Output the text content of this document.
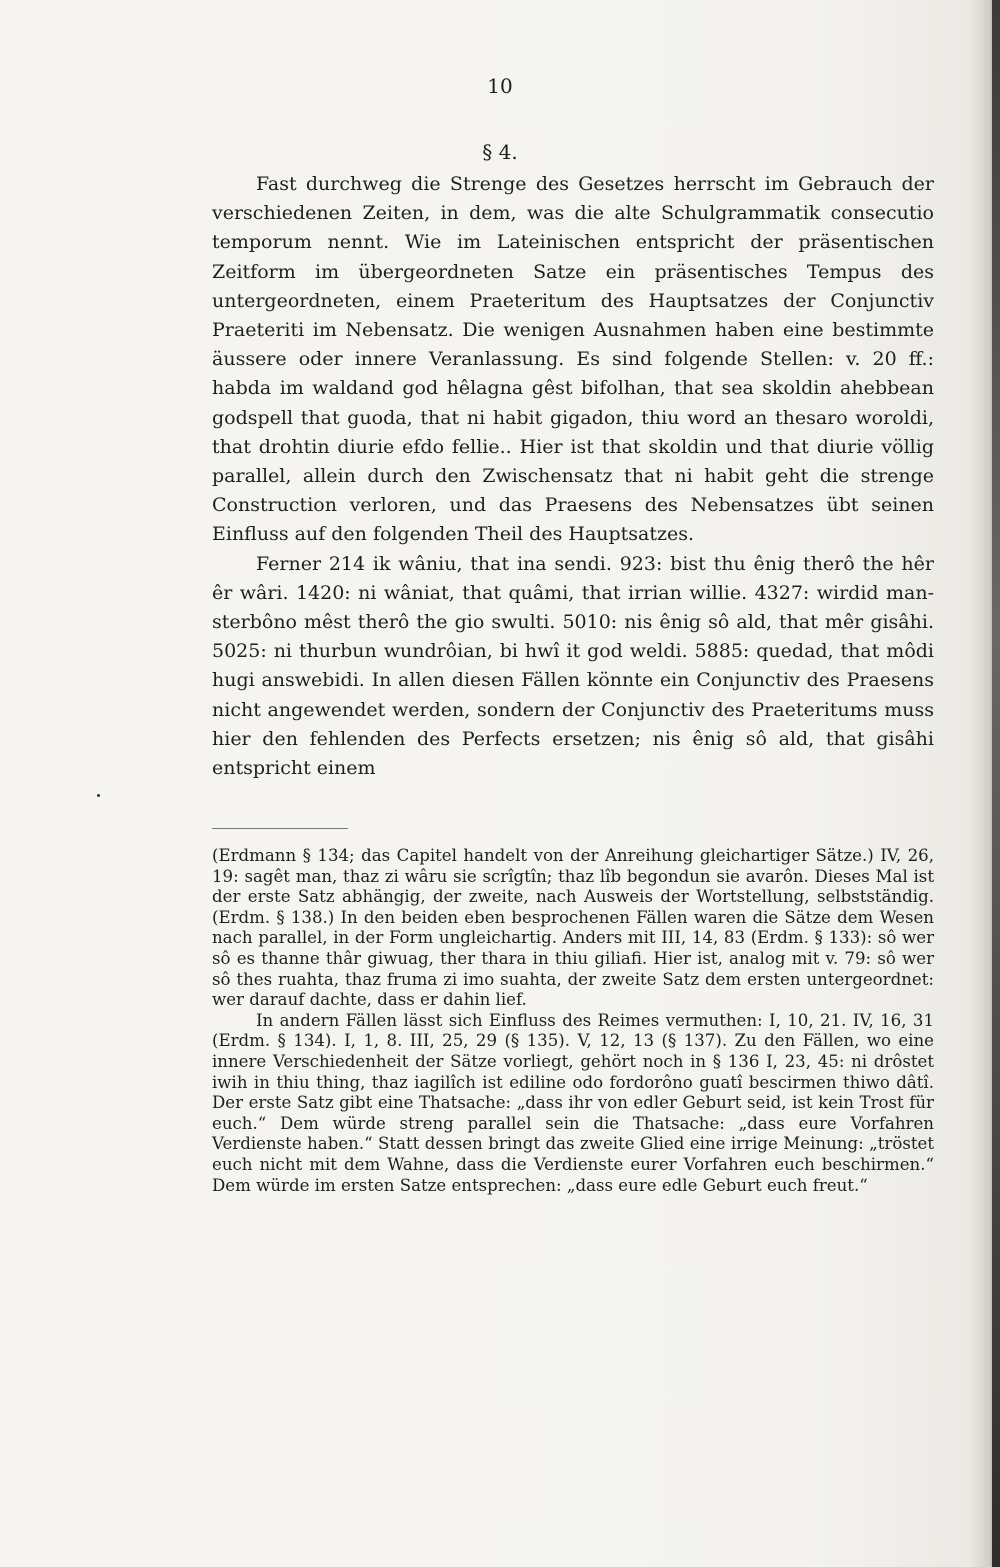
10
§ 4.

Fast durchweg die Strenge des Gesetzes herrscht im Gebrauch der verschiedenen Zeiten, in dem, was die alte Schulgrammatik consecutio temporum nennt. Wie im Lateinischen entspricht der präsentischen Zeitform im übergeordneten Satze ein präsentisches Tempus des untergeordneten, einem Praeteritum des Hauptsatzes der Conjunctiv Praeteriti im Nebensatz. Die wenigen Ausnahmen haben eine bestimmte äussere oder innere Veranlassung. Es sind folgende Stellen: v. 20 ff.: habda im waldand god hêlagna gêst bifolhan, that sea skoldin ahebbean godspell that guoda, that ni habit gigadon, thiu word an thesaro woroldi, that drohtin diurie efdo fellie.. Hier ist that skoldin und that diurie völlig parallel, allein durch den Zwischensatz that ni habit geht die strenge Construction verloren, und das Praesens des Nebensatzes übt seinen Einfluss auf den folgenden Theil des Hauptsatzes.

Ferner 214 ik wâniu, that ina sendi. 923: bist thu ênig therô the hêr êr wâri. 1420: ni wâniat, that quâmi, that irrian willie. 4327: wirdid man-sterbôno mêst therô the gio swulti. 5010: nis ênig sô ald, that mêr gisâhi. 5025: ni thurbun wundrôian, bi hwî it god weldi. 5885: quedad, that môdi hugi answebidi. In allen diesen Fällen könnte ein Conjunctiv des Praesens nicht angewendet werden, sondern der Conjunctiv des Praeteritums muss hier den fehlenden des Perfects ersetzen; nis ênig sô ald, that gisâhi entspricht einem

(Erdmann § 134; das Capitel handelt von der Anreihung gleichartiger Sätze.) IV, 26, 19: sagêt man, thaz zi wâru sie scrîgtîn; thaz lîb begondun sie avarôn. Dieses Mal ist der erste Satz abhängig, der zweite, nach Ausweis der Wortstellung, selbstständig. (Erdm. § 138.) In den beiden eben besprochenen Fällen waren die Sätze dem Wesen nach parallel, in der Form ungleichartig. Anders mit III, 14, 83 (Erdm. § 133): sô wer sô es thanne thâr giwuag, ther thara in thiu giliafi. Hier ist, analog mit v. 79: sô wer sô thes ruahta, thaz fruma zi imo suahta, der zweite Satz dem ersten untergeordnet: wer darauf dachte, dass er dahin lief.

In andern Fällen lässt sich Einfluss des Reimes vermuthen: I, 10, 21. IV, 16, 31 (Erdm. § 134). I, 1, 8. III, 25, 29 (§ 135). V, 12, 13 (§ 137). Zu den Fällen, wo eine innere Verschiedenheit der Sätze vorliegt, gehört noch in § 136 I, 23, 45: ni drôstet iwih in thiu thing, thaz iagilîch ist ediline odo fordorôno guatî bescirmen thiwo dâtî. Der erste Satz gibt eine Thatsache: „dass ihr von edler Geburt seid, ist kein Trost für euch.“ Dem würde streng parallel sein die Thatsache: „dass eure Vorfahren Verdienste haben.“ Statt dessen bringt das zweite Glied eine irrige Meinung: „tröstet euch nicht mit dem Wahne, dass die Verdienste eurer Vorfahren euch beschirmen.“ Dem würde im ersten Satze entsprechen: „dass eure edle Geburt euch freut.“
